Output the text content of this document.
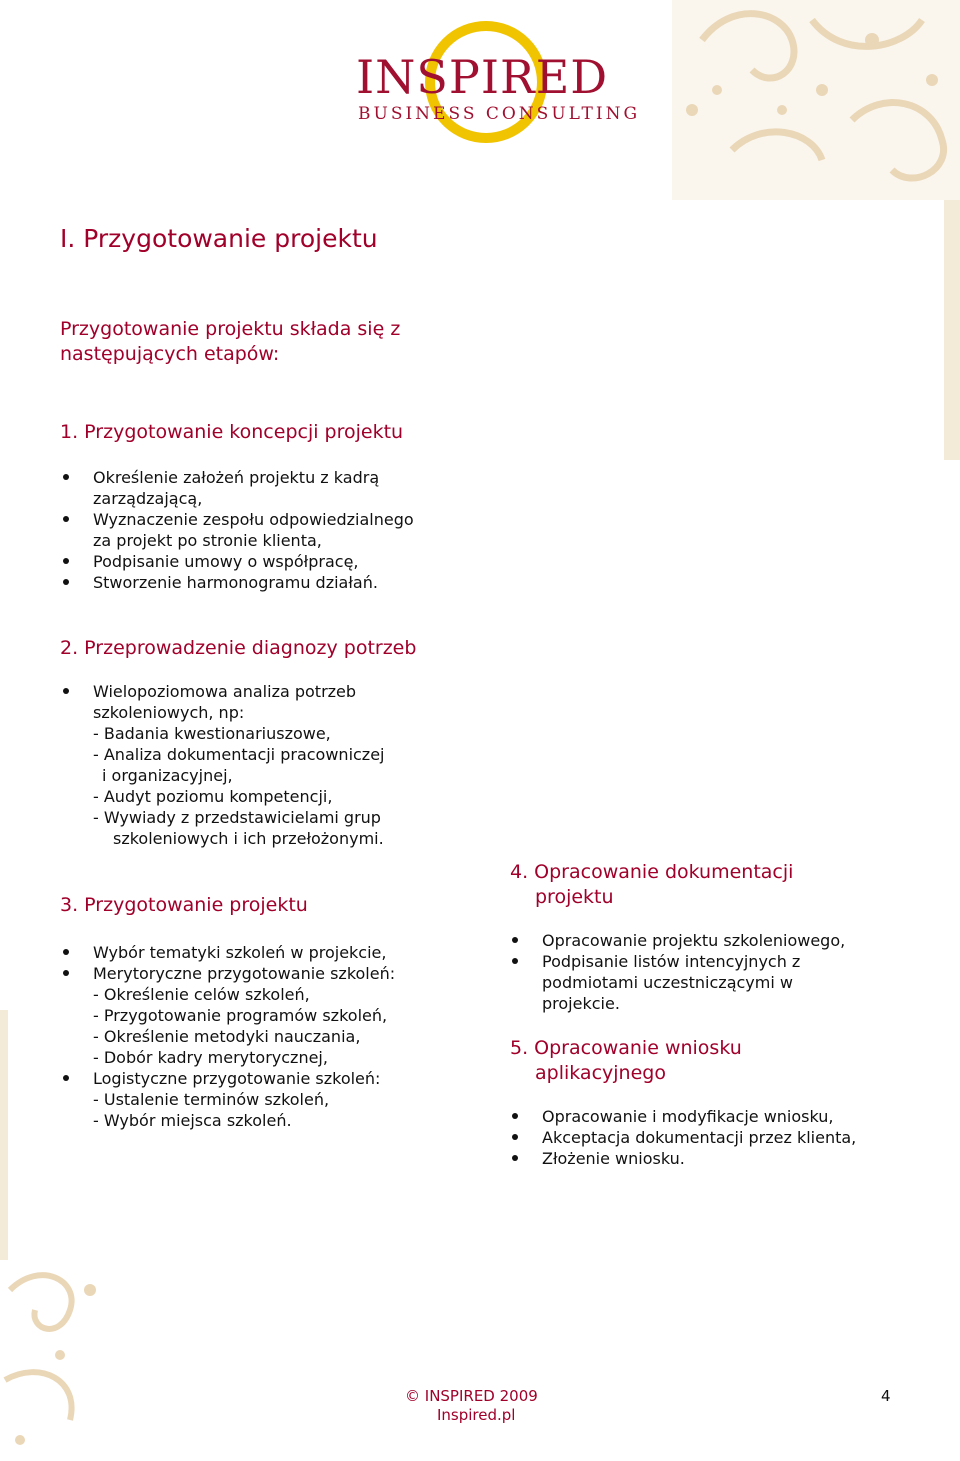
INSPIRED
BUSINESS CONSULTING
I. Przygotowanie projektu
Przygotowanie projektu składa się z
następujących etapów:
1. Przygotowanie koncepcji projektu
Określenie założeń projektu z kadrą
zarządzającą,
Wyznaczenie zespołu odpowiedzialnego
za projekt po stronie klienta,
Podpisanie umowy o współpracę,
Stworzenie harmonogramu działań.
2. Przeprowadzenie diagnozy potrzeb
Wielopoziomowa analiza potrzeb
szkoleniowych, np:
- Badania kwestionariuszowe,
- Analiza dokumentacji pracowniczej
i organizacyjnej,
- Audyt poziomu kompetencji,
- Wywiady z przedstawicielami grup
szkoleniowych i ich przełożonymi.
3. Przygotowanie projektu
Wybór tematyki szkoleń w projekcie,
Merytoryczne przygotowanie szkoleń:
- Określenie celów szkoleń,
- Przygotowanie programów szkoleń,
- Określenie metodyki nauczania,
- Dobór kadry merytorycznej,
Logistyczne przygotowanie szkoleń:
- Ustalenie terminów szkoleń,
- Wybór miejsca szkoleń.
4. Opracowanie dokumentacji
projektu
Opracowanie projektu szkoleniowego,
Podpisanie listów intencyjnych z
podmiotami uczestniczącymi w
projekcie.
5. Opracowanie wniosku
aplikacyjnego
Opracowanie i modyfikacje wniosku,
Akceptacja dokumentacji przez klienta,
Złożenie wniosku.
© INSPIRED 2009
Inspired.pl
4
